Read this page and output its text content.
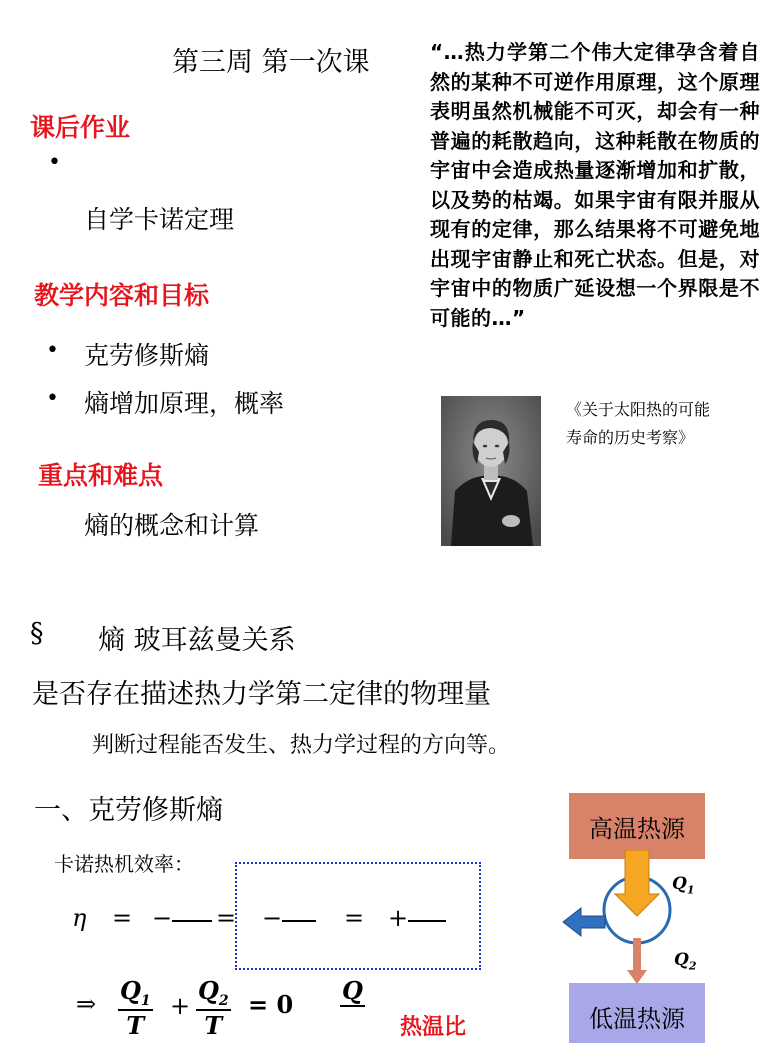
第三周 第一次课
课后作业
•
自学卡诺定理
教学内容和目标
• 克劳修斯熵
• 熵增加原理，概率
重点和难点
熵的概念和计算
“…热力学第二个伟大定律孕含着自然的某种不可逆作用原理，这个原理表明虽然机械能不可灭，却会有一种普遍的耗散趋向，这种耗散在物质的宇宙中会造成热量逐渐增加和扩散，以及势的枯竭。如果宇宙有限并服从现有的定律，那么结果将不可避免地出现宇宙静止和死亡状态。但是，对宇宙中的物质广延设想一个界限是不可能的…”
《关于太阳热的可能
寿命的历史考察》
§ 熵 玻耳兹曼关系
是否存在描述热力学第二定律的物理量
判断过程能否发生、热力学过程的方向等。
一、克劳修斯熵
卡诺热机效率：
η = − = −	= +
⇒ $\frac{Q_1}{T} + \frac{Q_2}{T} = 0$ Q

热温比
高温热源
低温热源
$Q_1$
$Q_2$
